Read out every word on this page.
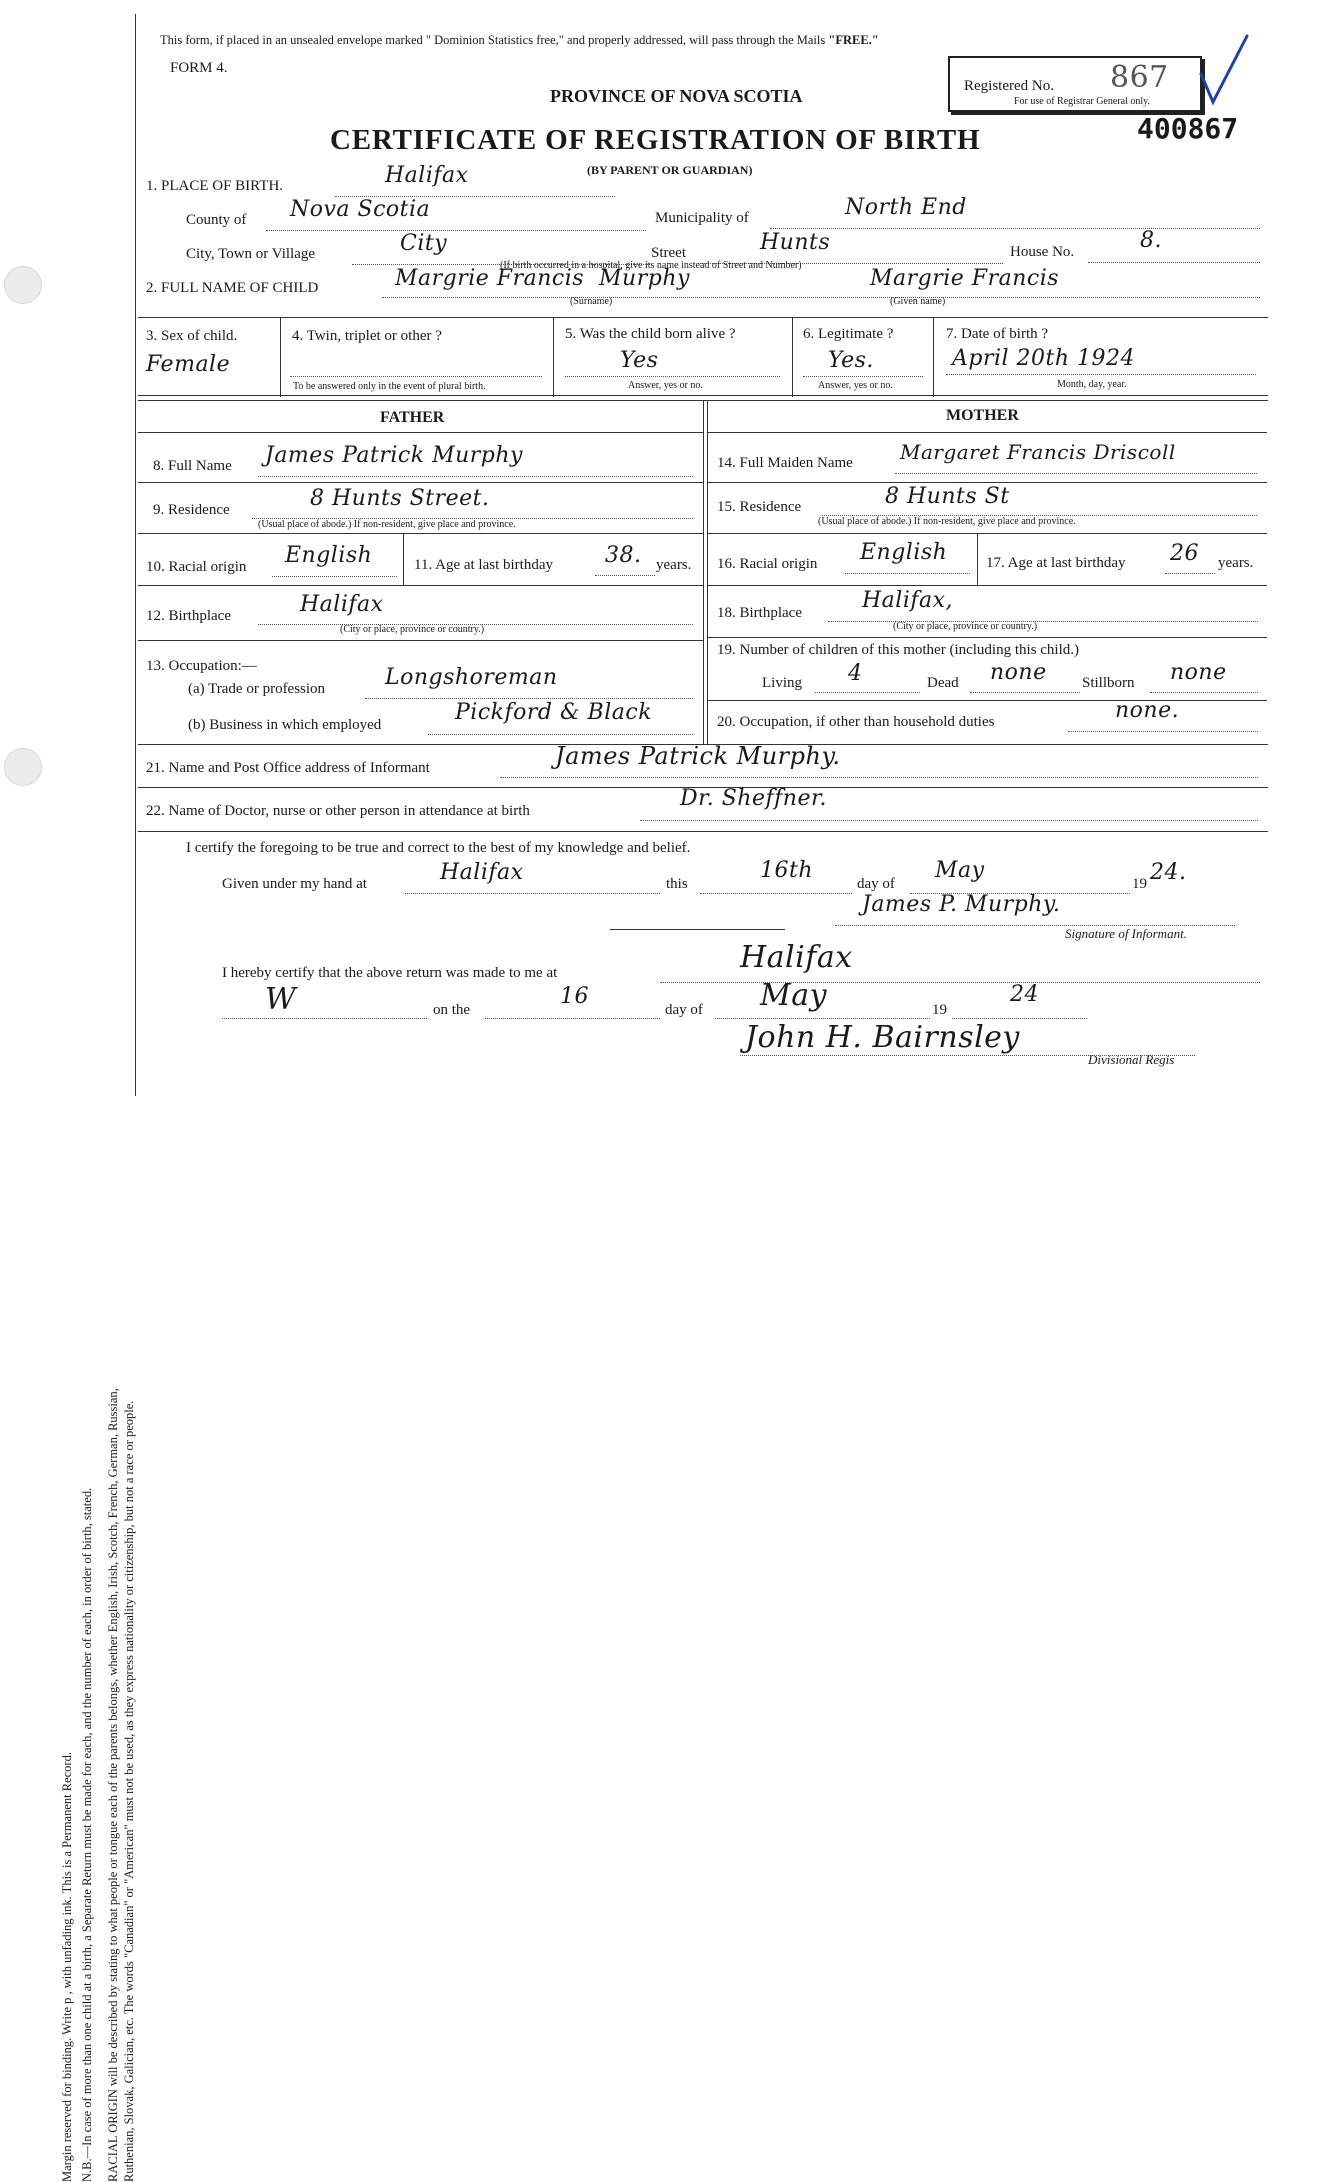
Margin reserved for binding. Write p , with unfading ink. This is a Permanent Record. N.B.—In case of more than one child at a birth, a Separate Return must be made for each, and the number of each, in order of birth, stated. RACIAL ORIGIN will be described by stating to what people or tongue each of the parents belongs, whether English, Irish, Scotch, French, German, Russian, Ruthenian, Slovak, Galician, etc. The words "Canadian" or "American" must not be used, as they express nationality or citizenship, but not a race or people.
This form, if placed in an unsealed envelope marked " Dominion Statistics free," and properly addressed, will pass through the Mails "FREE."
FORM 4.
PROVINCE OF NOVA SCOTIA
CERTIFICATE OF REGISTRATION OF BIRTH
(BY PARENT OR GUARDIAN)
Registered No. 867
For use of Registrar General only.
400867
1. PLACE OF BIRTH.	Halifax
County of Nova Scotia	Municipality of	North End
City, Town or Village	City	Street	Hunts	House No.	8.
(If birth occurred in a hospital, give its name instead of Street and Number)
2. FULL NAME OF CHILD	Margrie Francis Murphy	Margrie Francis
(Surname)	(Given name)
3. Sex of child.
Female
4. Twin, triplet or other ?
To be answered only in the event of plural birth.
5. Was the child born alive ?
Yes
Answer, yes or no.
6. Legitimate ?
Yes.
Answer, yes or no.
7. Date of birth ?
April 20th 1924
Month, day, year.
FATHER	MOTHER
8. Full Name James Patrick Murphy
9. Residence	8 Hunts Street.
(Usual place of abode.) If non-resident, give place and province.
10. Racial origin English	11. Age at last birthday 38. years.
12. Birthplace	Halifax
(City or place, province or country.)
13. Occupation:—
(a) Trade or profession	Longshoreman
(b) Business in which employed	Pickford & Black
14. Full Maiden Name Margaret Francis Driscoll
15. Residence	8 Hunts St
(Usual place of abode.) If non-resident, give place and province.
16. Racial origin English	17. Age at last birthday 26 years.
18. Birthplace	Halifax,
(City or place, province or country.)
19. Number of children of this mother (including this child.)
Living 4	Dead none Stillborn none
20. Occupation, if other than household duties	none.
21. Name and Post Office address of Informant	James Patrick Murphy.
22. Name of Doctor, nurse or other person in attendance at birth	Dr. Sheffner.
I certify the foregoing to be true and correct to the best of my knowledge and belief.
Given under my hand at	Halifax	this
16th
day of
May
19 24.
James P. Murphy.
Signature of Informant.
I hereby certify that the above return was made to me at	Halifax
W	on the
16
day of May	19
24
John H. Bairnsley
Divisional Regis
